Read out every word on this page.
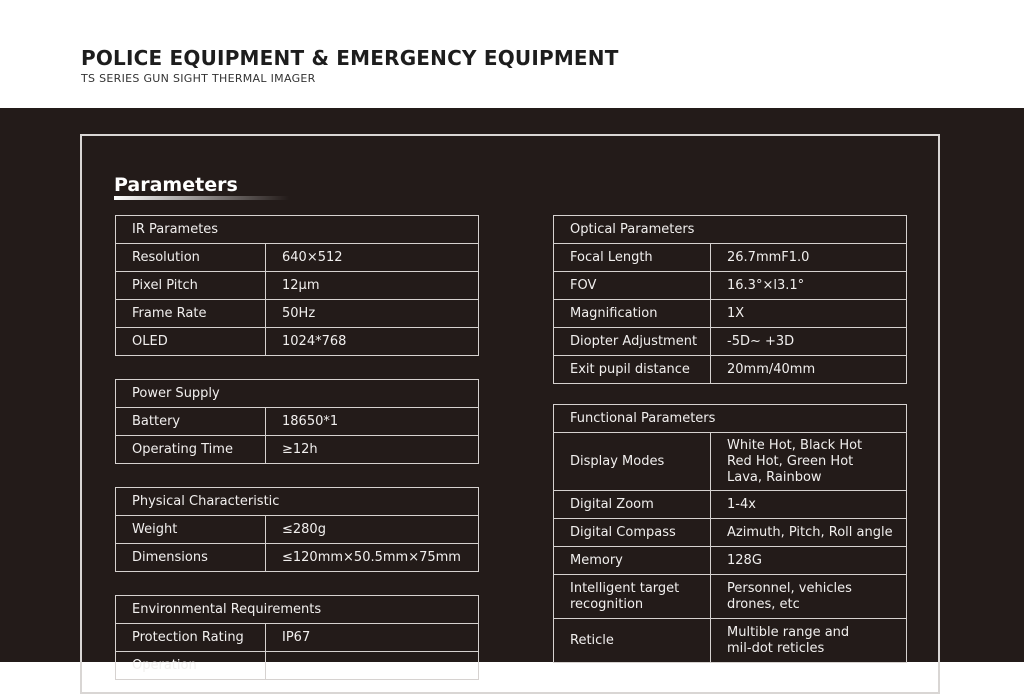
POLICE EQUIPMENT & EMERGENCY EQUIPMENT
TS SERIES GUN SIGHT THERMAL IMAGER
Parameters
IR Parametes	
Resolution	640×512
Pixel Pitch	12μm
Frame Rate	50Hz
OLED	1024*768
Power Supply	
Battery	18650*1
Operating Time	≥12h
Physical Characteristic	
Weight	≤280g
Dimensions	≤120mm×50.5mm×75mm
Environmental Requirements	
Protection Rating	IP67
Operation	
Optical Parameters	
Focal Length	26.7mmF1.0
FOV	16.3°×l3.1°
Magnification	1X
Diopter Adjustment	-5D~ +3D
Exit pupil distance	20mm/40mm
Functional Parameters	
Display Modes	White Hot, Black Hot Red Hot, Green Hot Lava, Rainbow
Digital Zoom	1-4x
Digital Compass	Azimuth, Pitch, Roll angle
Memory	128G
Intelligent target recognition	Personnel, vehicles drones, etc
Reticle	Multible range and mil-dot reticles
